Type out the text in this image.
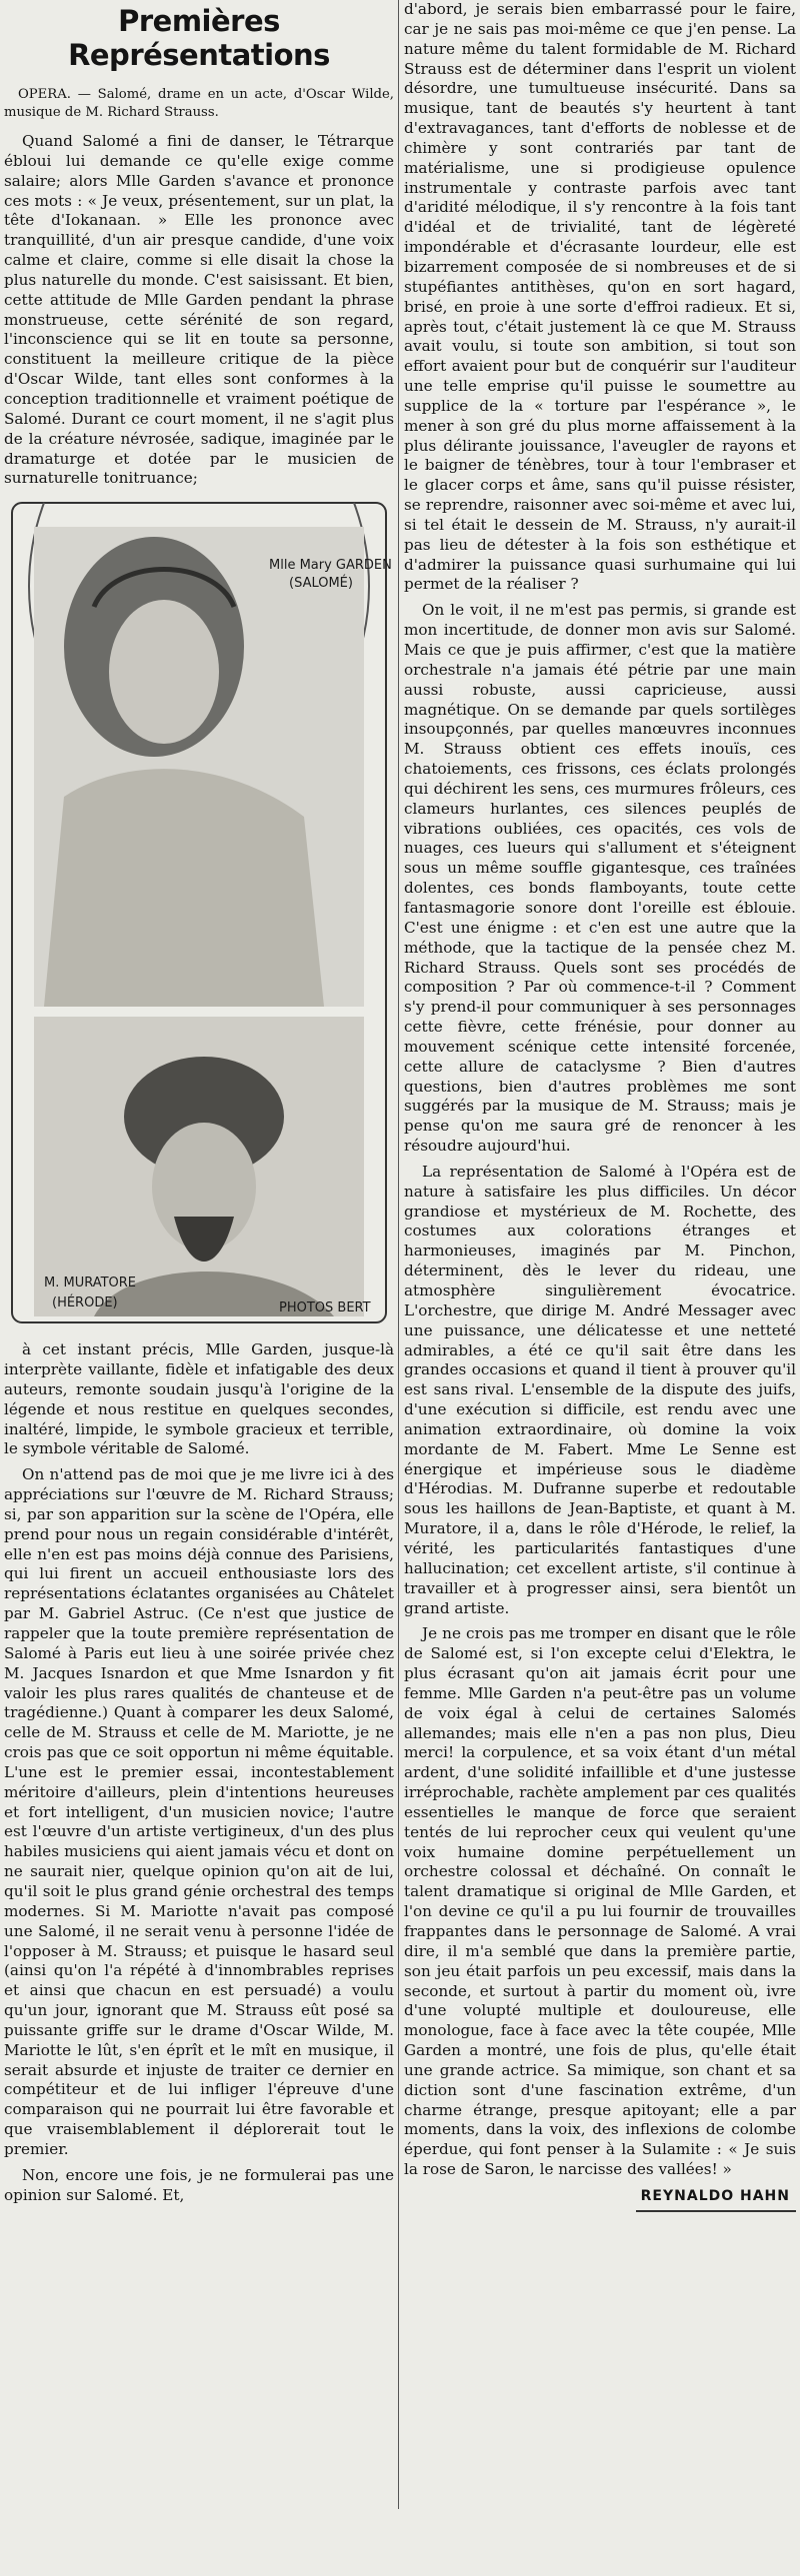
Premières Représentations

OPERA. — Salomé, drame en un acte, d'Oscar Wilde, musique de M. Richard Strauss.

Quand Salomé a fini de danser, le Tétrarque ébloui lui demande ce qu'elle exige comme salaire; alors Mlle Garden s'avance et prononce ces mots : « Je veux, présentement, sur un plat, la tête d'Iokanaan. » Elle les prononce avec tranquillité, d'un air presque candide, d'une voix calme et claire, comme si elle disait la chose la plus naturelle du monde. C'est saisissant. Et bien, cette attitude de Mlle Garden pendant la phrase monstrueuse, cette sérénité de son regard, l'inconscience qui se lit en toute sa personne, constituent la meilleure critique de la pièce d'Oscar Wilde, tant elles sont conformes à la conception traditionnelle et vraiment poétique de Salomé. Durant ce court moment, il ne s'agit plus de la créature névrosée, sadique, imaginée par le dramaturge et dotée par le musicien de surnaturelle tonitruance;

Mlle Mary GARDEN
(SALOMÉ)
M. MURATORE
(HÉRODE)	PHOTOS BERT

à cet instant précis, Mlle Garden, jusque-là interprète vaillante, fidèle et infatigable des deux auteurs, remonte soudain jusqu'à l'origine de la légende et nous restitue en quelques secondes, inaltéré, limpide, le symbole gracieux et terrible, le symbole véritable de Salomé.

On n'attend pas de moi que je me livre ici à des appréciations sur l'œuvre de M. Richard Strauss; si, par son apparition sur la scène de l'Opéra, elle prend pour nous un regain considérable d'intérêt, elle n'en est pas moins déjà connue des Parisiens, qui lui firent un accueil enthousiaste lors des représentations éclatantes organisées au Châtelet par M. Gabriel Astruc. (Ce n'est que justice de rappeler que la toute première représentation de Salomé à Paris eut lieu à une soirée privée chez M. Jacques Isnardon et que Mme Isnardon y fit valoir les plus rares qualités de chanteuse et de tragédienne.) Quant à comparer les deux Salomé, celle de M. Strauss et celle de M. Mariotte, je ne crois pas que ce soit opportun ni même équitable. L'une est le premier essai, incontestablement méritoire d'ailleurs, plein d'intentions heureuses et fort intelligent, d'un musicien novice; l'autre est l'œuvre d'un artiste vertigineux, d'un des plus habiles musiciens qui aient jamais vécu et dont on ne saurait nier, quelque opinion qu'on ait de lui, qu'il soit le plus grand génie orchestral des temps modernes. Si M. Mariotte n'avait pas composé une Salomé, il ne serait venu à personne l'idée de l'opposer à M. Strauss; et puisque le hasard seul (ainsi qu'on l'a répété à d'innombrables reprises et ainsi que chacun en est persuadé) a voulu qu'un jour, ignorant que M. Strauss eût posé sa puissante griffe sur le drame d'Oscar Wilde, M. Mariotte le lût, s'en éprît et le mît en musique, il serait absurde et injuste de traiter ce dernier en compétiteur et de lui infliger l'épreuve d'une comparaison qui ne pourrait lui être favorable et que vraisemblablement il déplorerait tout le premier.

Non, encore une fois, je ne formulerai pas une opinion sur Salomé. Et,

d'abord, je serais bien embarrassé pour le faire, car je ne sais pas moi-même ce que j'en pense. La nature même du talent formidable de M. Richard Strauss est de déterminer dans l'esprit un violent désordre, une tumultueuse insécurité. Dans sa musique, tant de beautés s'y heurtent à tant d'extravagances, tant d'efforts de noblesse et de chimère y sont contrariés par tant de matérialisme, une si prodigieuse opulence instrumentale y contraste parfois avec tant d'aridité mélodique, il s'y rencontre à la fois tant d'idéal et de trivialité, tant de légèreté impondérable et d'écrasante lourdeur, elle est bizarrement composée de si nombreuses et de si stupéfiantes antithèses, qu'on en sort hagard, brisé, en proie à une sorte d'effroi radieux. Et si, après tout, c'était justement là ce que M. Strauss avait voulu, si toute son ambition, si tout son effort avaient pour but de conquérir sur l'auditeur une telle emprise qu'il puisse le soumettre au supplice de la « torture par l'espérance », le mener à son gré du plus morne affaissement à la plus délirante jouissance, l'aveugler de rayons et le baigner de ténèbres, tour à tour l'embraser et le glacer corps et âme, sans qu'il puisse résister, se reprendre, raisonner avec soi-même et avec lui, si tel était le dessein de M. Strauss, n'y aurait-il pas lieu de détester à la fois son esthétique et d'admirer la puissance quasi surhumaine qui lui permet de la réaliser ?

On le voit, il ne m'est pas permis, si grande est mon incertitude, de donner mon avis sur Salomé. Mais ce que je puis affirmer, c'est que la matière orchestrale n'a jamais été pétrie par une main aussi robuste, aussi capricieuse, aussi magnétique. On se demande par quels sortilèges insoupçonnés, par quelles manœuvres inconnues M. Strauss obtient ces effets inouïs, ces chatoiements, ces frissons, ces éclats prolongés qui déchirent les sens, ces murmures frôleurs, ces clameurs hurlantes, ces silences peuplés de vibrations oubliées, ces opacités, ces vols de nuages, ces lueurs qui s'allument et s'éteignent sous un même souffle gigantesque, ces traînées dolentes, ces bonds flamboyants, toute cette fantasmagorie sonore dont l'oreille est éblouie. C'est une énigme : et c'en est une autre que la méthode, que la tactique de la pensée chez M. Richard Strauss. Quels sont ses procédés de composition ? Par où commence-t-il ? Comment s'y prend-il pour communiquer à ses personnages cette fièvre, cette frénésie, pour donner au mouvement scénique cette intensité forcenée, cette allure de cataclysme ? Bien d'autres questions, bien d'autres problèmes me sont suggérés par la musique de M. Strauss; mais je pense qu'on me saura gré de renoncer à les résoudre aujourd'hui.

La représentation de Salomé à l'Opéra est de nature à satisfaire les plus difficiles. Un décor grandiose et mystérieux de M. Rochette, des costumes aux colorations étranges et harmonieuses, imaginés par M. Pinchon, déterminent, dès le lever du rideau, une atmosphère singulièrement évocatrice. L'orchestre, que dirige M. André Messager avec une puissance, une délicatesse et une netteté admirables, a été ce qu'il sait être dans les grandes occasions et quand il tient à prouver qu'il est sans rival. L'ensemble de la dispute des juifs, d'une exécution si difficile, est rendu avec une animation extraordinaire, où domine la voix mordante de M. Fabert. Mme Le Senne est énergique et impérieuse sous le diadème d'Hérodias. M. Dufranne superbe et redoutable sous les haillons de Jean-Baptiste, et quant à M. Muratore, il a, dans le rôle d'Hérode, le relief, la vérité, les particularités fantastiques d'une hallucination; cet excellent artiste, s'il continue à travailler et à progresser ainsi, sera bientôt un grand artiste.

Je ne crois pas me tromper en disant que le rôle de Salomé est, si l'on excepte celui d'Elektra, le plus écrasant qu'on ait jamais écrit pour une femme. Mlle Garden n'a peut-être pas un volume de voix égal à celui de certaines Salomés allemandes; mais elle n'en a pas non plus, Dieu merci! la corpulence, et sa voix étant d'un métal ardent, d'une solidité infaillible et d'une justesse irréprochable, rachète amplement par ces qualités essentielles le manque de force que seraient tentés de lui reprocher ceux qui veulent qu'une voix humaine domine perpétuellement un orchestre colossal et déchaîné. On connaît le talent dramatique si original de Mlle Garden, et l'on devine ce qu'il a pu lui fournir de trouvailles frappantes dans le personnage de Salomé. A vrai dire, il m'a semblé que dans la première partie, son jeu était parfois un peu excessif, mais dans la seconde, et surtout à partir du moment où, ivre d'une volupté multiple et douloureuse, elle monologue, face à face avec la tête coupée, Mlle Garden a montré, une fois de plus, qu'elle était une grande actrice. Sa mimique, son chant et sa diction sont d'une fascination extrême, d'un charme étrange, presque apitoyant; elle a par moments, dans la voix, des inflexions de colombe éperdue, qui font penser à la Sulamite : « Je suis la rose de Saron, le narcisse des vallées! »

REYNALDO HAHN
